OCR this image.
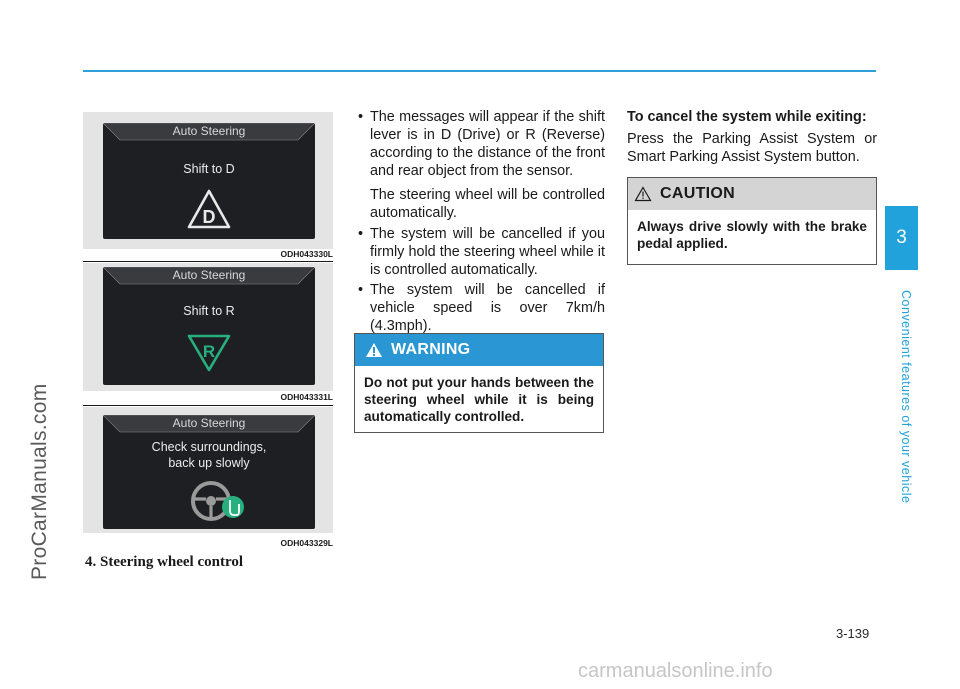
ProCarManuals.com
Auto Steering
Shift to D
D
ODH043330L
Auto Steering
Shift to R
R
ODH043331L
Auto Steering
Check surroundings,
back up slowly
ODH043329L
4. Steering wheel control
• The messages will appear if the shift lever is in D (Drive) or R (Reverse) according to the distance of the front and rear object from the sensor.
The steering wheel will be controlled automatically.
• The system will be cancelled if you firmly hold the steering wheel while it is controlled automatically.
• The system will be cancelled if vehicle speed is over 7km/h (4.3mph).
WARNING
Do not put your hands between the steering wheel while it is being automatically controlled.
To cancel the system while exiting:
Press the Parking Assist System or Smart Parking Assist System button.
CAUTION
Always drive slowly with the brake pedal applied.	3
Convenient features of your vehicle
3-139
carmanualsonline.info
